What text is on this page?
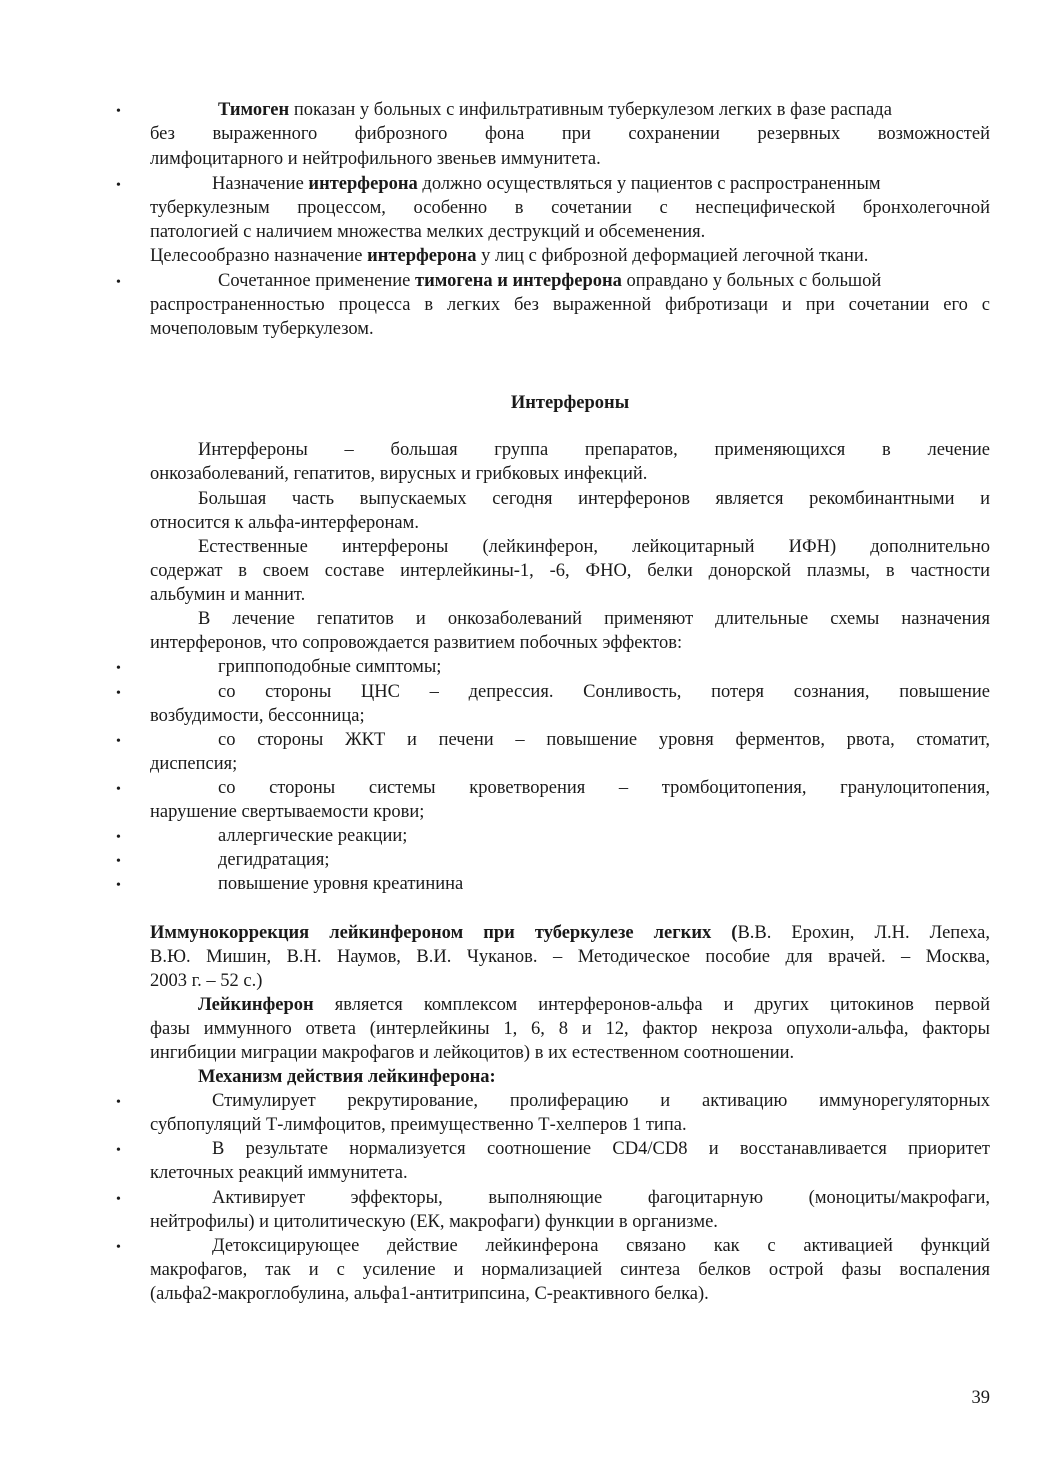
•
Тимоген показан у больных с инфильтративным туберкулезом легких в фазе распада
без выраженного фиброзного фона при сохранении резервных возможностей
лимфоцитарного и нейтрофильного звеньев иммунитета.
•
Назначение интерферона должно осуществляться у пациентов с распространенным
туберкулезным процессом, особенно в сочетании с неспецифической бронхолегочной
патологией с наличием множества мелких деструкций и обсеменения.
Целесообразно назначение интерферона у лиц с фиброзной деформацией легочной ткани.
•
Сочетанное применение тимогена и интерферона оправдано у больных с большой
распространенностью процесса в легких без выраженной фибротизаци и при сочетании его с
мочеполовым туберкулезом.
Интерфероны
Интерфероны – большая группа препаратов, применяющихся в лечение
онкозаболеваний, гепатитов, вирусных и грибковых инфекций.
Большая часть выпускаемых сегодня интерферонов является рекомбинантными и
относится к альфа-интерферонам.
Естественные интерфероны (лейкинферон, лейкоцитарный ИФН) дополнительно
содержат в своем составе интерлейкины-1, -6, ФНО, белки донорской плазмы, в частности
альбумин и маннит.
В лечение гепатитов и онкозаболеваний применяют длительные схемы назначения
интерферонов, что сопровождается развитием побочных эффектов:
•
гриппоподобные симптомы;
•
со стороны ЦНС – депрессия. Сонливость, потеря сознания, повышение
возбудимости, бессонница;
•
со стороны ЖКТ и печени – повышение уровня ферментов, рвота, стоматит,
диспепсия;
•
со стороны системы кроветворения – тромбоцитопения, гранулоцитопения,
нарушение свертываемости крови;
•
аллергические реакции;
•
дегидратация;
•
повышение уровня креатинина
Иммунокоррекция лейкинфероном при туберкулезе легких (В.В. Ерохин, Л.Н. Лепеха,
В.Ю. Мишин, В.Н. Наумов, В.И. Чуканов. – Методическое пособие для врачей. – Москва,
2003 г. – 52 с.)
Лейкинферон является комплексом интерферонов-альфа и других цитокинов первой
фазы иммунного ответа (интерлейкины 1, 6, 8 и 12, фактор некроза опухоли-альфа, факторы
ингибиции миграции макрофагов и лейкоцитов) в их естественном соотношении.
Механизм действия лейкинферона:
•
Стимулирует рекрутирование, пролиферацию и активацию иммунорегуляторных
субпопуляций Т-лимфоцитов, преимущественно Т-хелперов 1 типа.
•
В результате нормализуется соотношение CD4/CD8 и восстанавливается приоритет
клеточных реакций иммунитета.
•
Активирует эффекторы, выполняющие фагоцитарную (моноциты/макрофаги,
нейтрофилы) и цитолитическую (ЕК, макрофаги) функции в организме.
•
Детоксицирующее действие лейкинферона связано как с активацией функций
макрофагов, так и с усиление и нормализацией синтеза белков острой фазы воспаления
(альфа2-макроглобулина, альфа1-антитрипсина, С-реактивного белка).
39
